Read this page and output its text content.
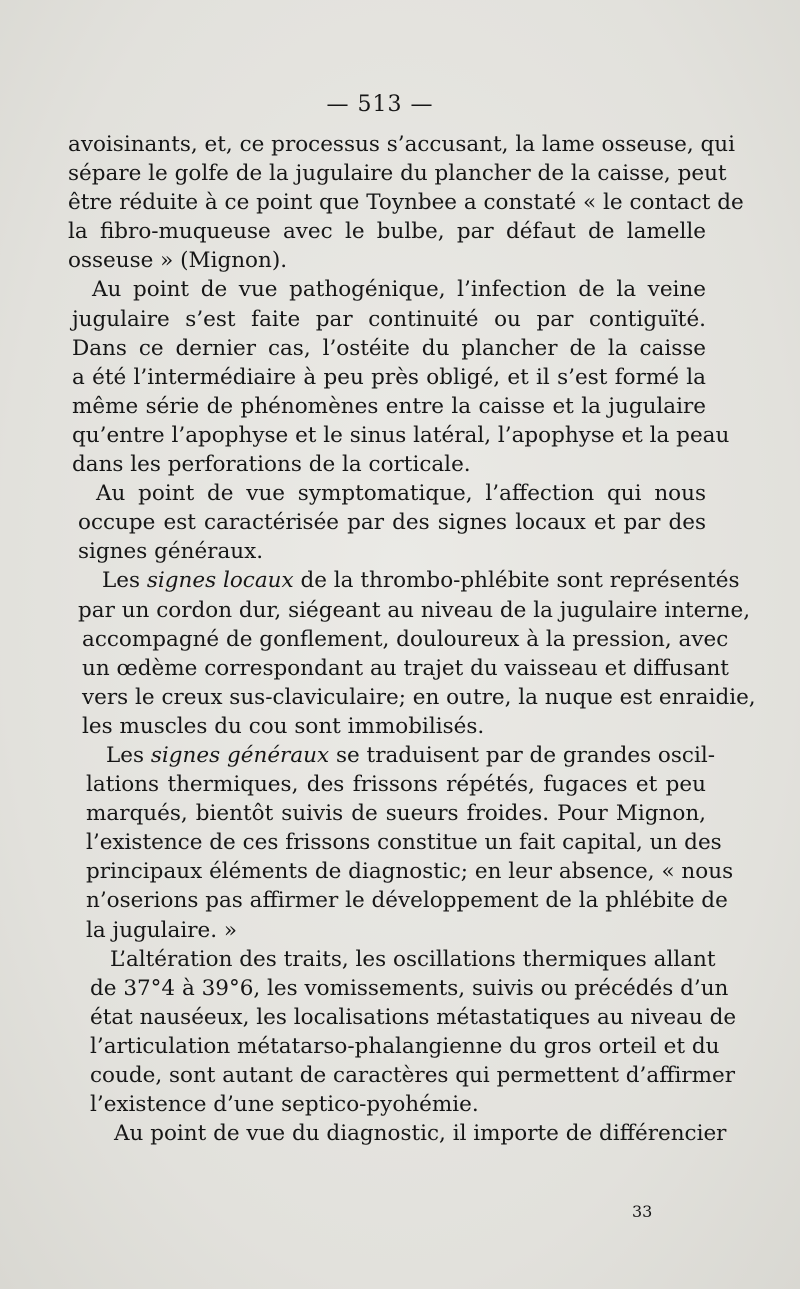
— 513 —
avoisinants, et, ce processus s’accusant, la lame osseuse, qui
sépare le golfe de la jugulaire du plancher de la caisse, peut
être réduite à ce point que Toynbee a constaté « le contact de
la fibro-muqueuse avec le bulbe, par défaut de lamelle
osseuse » (Mignon).
Au point de vue pathogénique, l’infection de la veine
jugulaire s’est faite par continuité ou par contiguïté.
Dans ce dernier cas, l’ostéite du plancher de la caisse
a été l’intermédiaire à peu près obligé, et il s’est formé la
même série de phénomènes entre la caisse et la jugulaire
qu’entre l’apophyse et le sinus latéral, l’apophyse et la peau
dans les perforations de la corticale.
Au point de vue symptomatique, l’affection qui nous
occupe est caractérisée par des signes locaux et par des
signes généraux.
Les signes locaux de la thrombo-phlébite sont représentés
par un cordon dur, siégeant au niveau de la jugulaire interne,
accompagné de gonflement, douloureux à la pression, avec
un œdème correspondant au trajet du vaisseau et diffusant
vers le creux sus-claviculaire; en outre, la nuque est enraidie,
les muscles du cou sont immobilisés.
Les signes généraux se traduisent par de grandes oscil-
lations thermiques, des frissons répétés, fugaces et peu
marqués, bientôt suivis de sueurs froides. Pour Mignon,
l’existence de ces frissons constitue un fait capital, un des
principaux éléments de diagnostic; en leur absence, « nous
n’oserions pas affirmer le développement de la phlébite de
la jugulaire. »
L’altération des traits, les oscillations thermiques allant
de 37°4 à 39°6, les vomissements, suivis ou précédés d’un
état nauséeux, les localisations métastatiques au niveau de
l’articulation métatarso-phalangienne du gros orteil et du
coude, sont autant de caractères qui permettent d’affirmer
l’existence d’une septico-pyohémie.
Au point de vue du diagnostic, il importe de différencier
33
